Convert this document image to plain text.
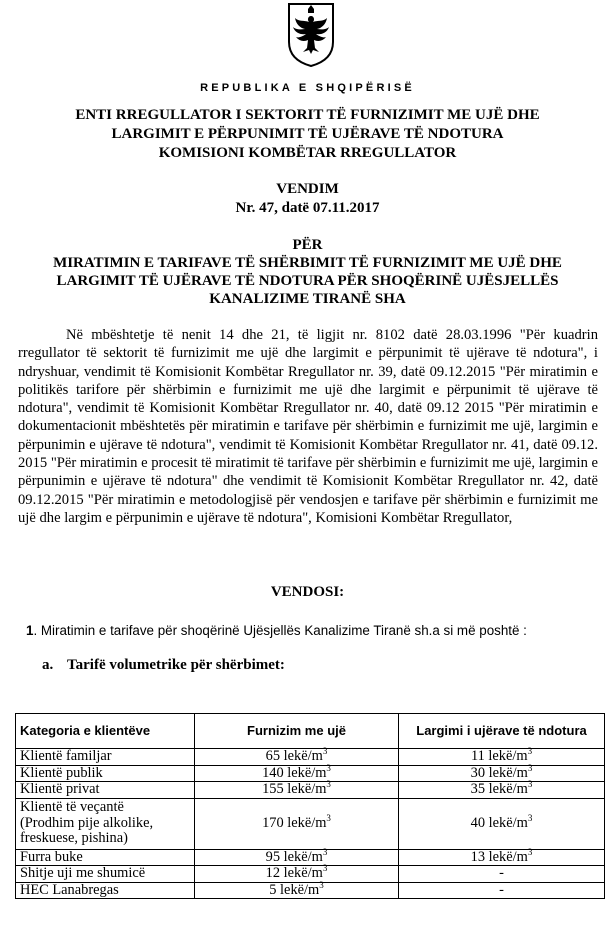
REPUBLIKA E SHQIPËRISË
ENTI RREGULLATOR I SEKTORIT TË FURNIZIMIT ME UJË DHE
LARGIMIT E PËRPUNIMIT TË UJËRAVE TË NDOTURA
KOMISIONI KOMBËTAR RREGULLATOR
VENDIM
Nr. 47, datë 07.11.2017
PËR
MIRATIMIN E TARIFAVE TË SHËRBIMIT TË FURNIZIMIT ME UJË DHE
LARGIMIT TË UJËRAVE TË NDOTURA PËR SHOQËRINË UJËSJELLËS
KANALIZIME TIRANË SHA

Në mbështetje të nenit 14 dhe 21, të ligjit nr. 8102 datë 28.03.1996 "Për kuadrin rregullator të sektorit të furnizimit me ujë dhe largimit e përpunimit të ujërave të ndotura", i ndryshuar, vendimit të Komisionit Kombëtar Rregullator nr. 39, datë 09.12.2015 "Për miratimin e politikës tarifore për shërbimin e furnizimit me ujë dhe largimit e përpunimit të ujërave të ndotura", vendimit të Komisionit Kombëtar Rregullator nr. 40, datë 09.12 2015 "Për miratimin e dokumentacionit mbështetës për miratimin e tarifave për shërbimin e furnizimit me ujë, largimin e përpunimin e ujërave të ndotura", vendimit të Komisionit Kombëtar Rregullator nr. 41, datë 09.12. 2015 "Për miratimin e procesit të miratimit të tarifave për shërbimin e furnizimit me ujë, largimin e përpunimin e ujërave të ndotura" dhe vendimit të Komisionit Kombëtar Rregullator nr. 42, datë 09.12.2015 "Për miratimin e metodologjisë për vendosjen e tarifave për shërbimin e furnizimit me ujë dhe largim e përpunimin e ujërave të ndotura", Komisioni Kombëtar Rregullator,

VENDOSI:
1. Miratimin e tarifave për shoqërinë Ujësjellës Kanalizime Tiranë sh.a si më poshtë :
a. Tarifë volumetrike për shërbimet:
Kategoria e klientëve	Furnizim me ujë	Largimi i ujërave të ndotura
Klientë familjar	65 lekë/$m^3$	11 lekë/$m^3$
Klientë publik	140 lekë/$m^3$	30 lekë/$m^3$
Klientë privat	155 lekë/$m^3$	35 lekë/$m^3$
Klientë të veçantë
(Prodhim pije alkolike,
freskuese, pishina)	170 lekë/$m^3$	40 lekë/$m^3$
Furra buke	95 lekë/$m^3$	13 lekë/$m^3$
Shitje uji me shumicë	12 lekë/$m^3$	-
HEC Lanabregas	5 lekë/$m^3$	-
